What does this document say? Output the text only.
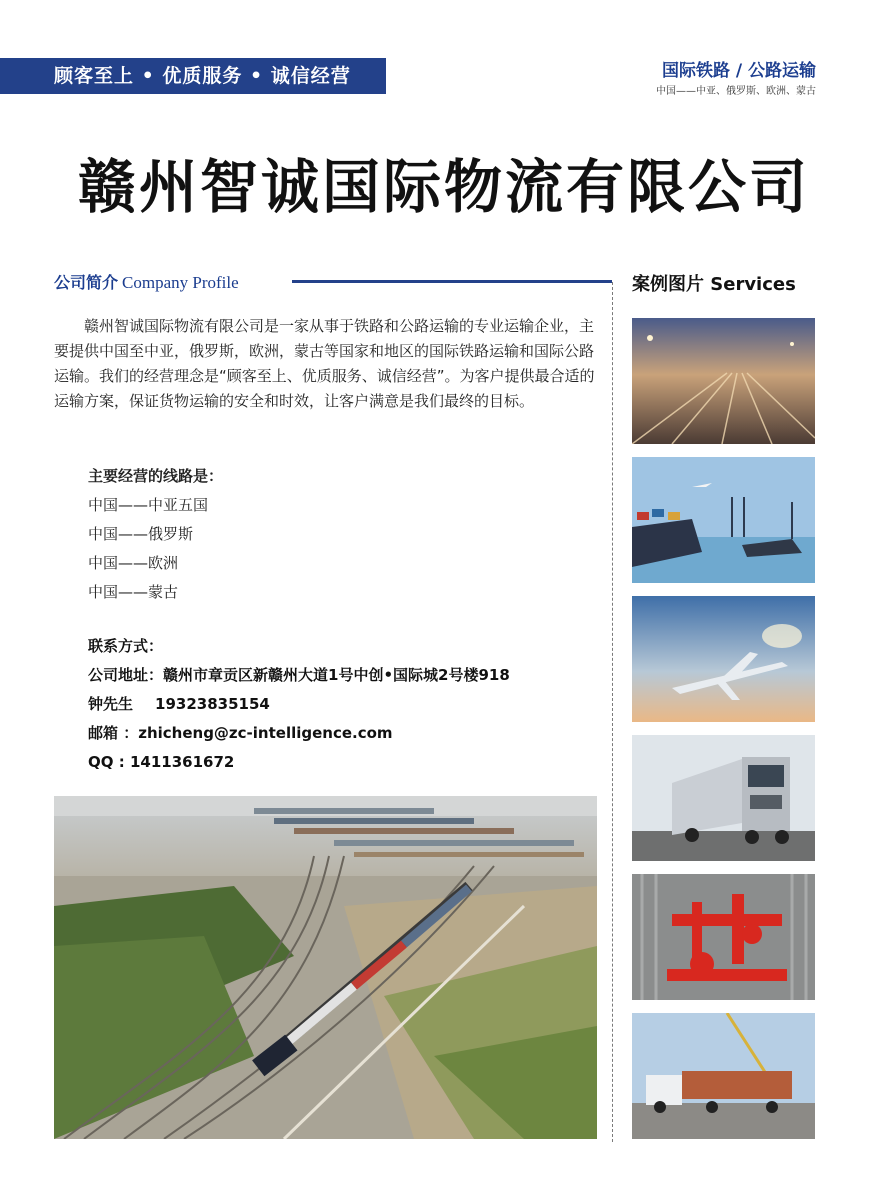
顾客至上 • 优质服务 • 诚信经营	国际铁路 / 公路运输
中国——中亚、俄罗斯、欧洲、蒙古
赣州智诚国际物流有限公司
公司简介 Company Profile	案例图片 Services

赣州智诚国际物流有限公司是一家从事于铁路和公路运输的专业运输企业，主要提供中国至中亚，俄罗斯，欧洲，蒙古等国家和地区的国际铁路运输和国际公路运输。我们的经营理念是“顾客至上、优质服务、诚信经营”。为客户提供最合适的运输方案，保证货物运输的安全和时效，让客户满意是我们最终的目标。

主要经营的线路是：
中国——中亚五国
中国——俄罗斯
中国——欧洲
中国——蒙古
联系方式：
公司地址：赣州市章贡区新赣州大道1号中创•国际城2号楼918
钟先生 19323835154
邮箱 ：zhicheng@zc-intelligence.com
QQ : 1411361672
